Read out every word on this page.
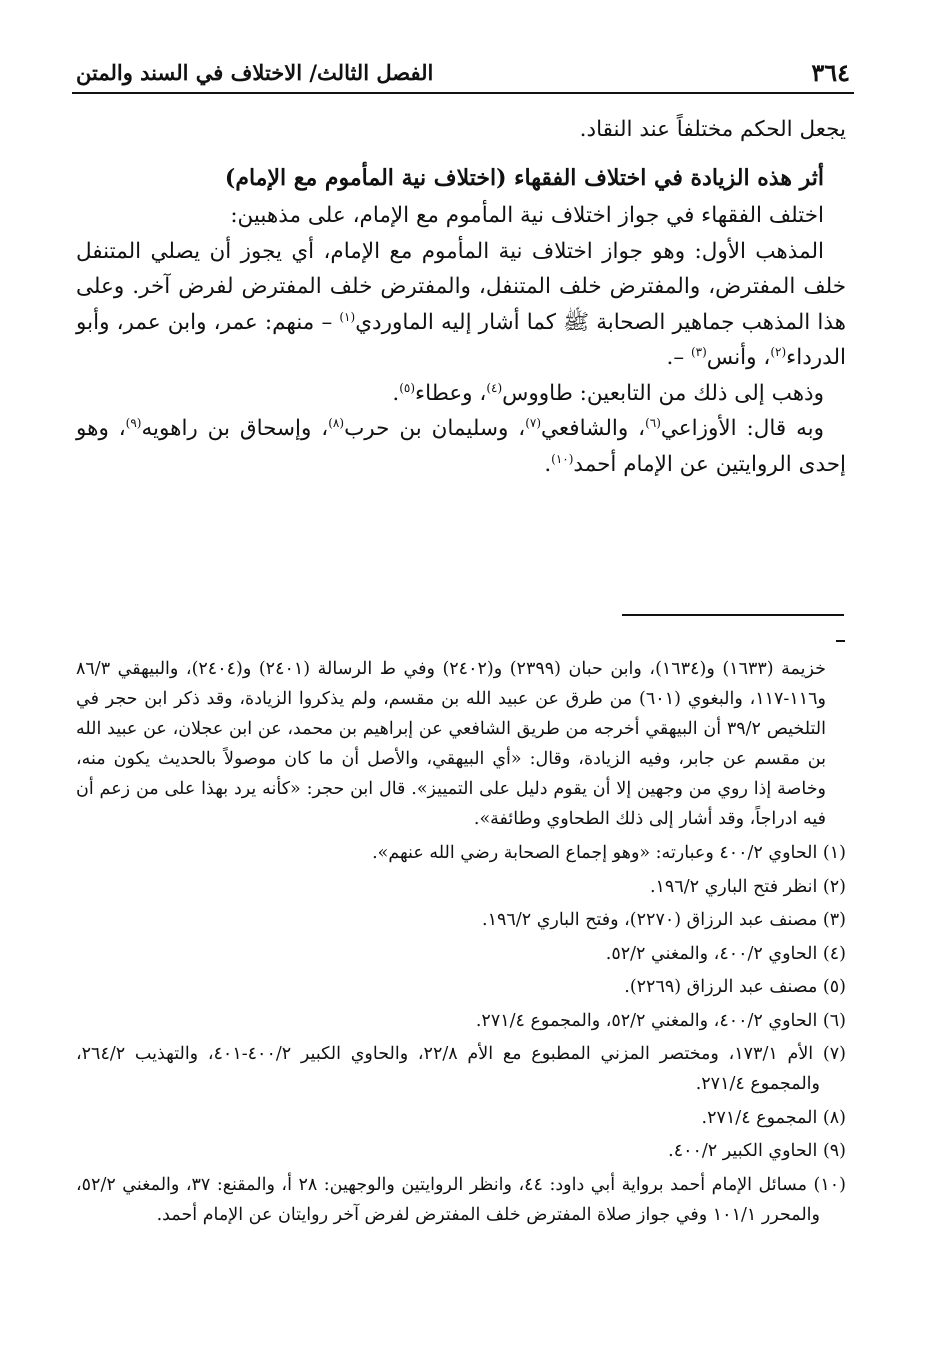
٣٦٤
الفصل الثالث/ الاختلاف في السند والمتن

يجعل الحكم مختلفاً عند النقاد.

أثر هذه الزيادة في اختلاف الفقهاء (اختلاف نية المأموم مع الإمام)

اختلف الفقهاء في جواز اختلاف نية المأموم مع الإمام، على مذهبين:

المذهب الأول: وهو جواز اختلاف نية المأموم مع الإمام، أي يجوز أن يصلي المتنفل خلف المفترض، والمفترض خلف المتنفل، والمفترض خلف المفترض لفرض آخر. وعلى هذا المذهب جماهير الصحابة ﷺ كما أشار إليه الماوردي$^{(١)}$ – منهم: عمر، وابن عمر، وأبو الدرداء$^{(٢)}$، وأنس$^{(٣)}$ –.

وذهب إلى ذلك من التابعين: طاووس$^{(٤)}$، وعطاء$^{(٥)}$.

وبه قال: الأوزاعي$^{(٦)}$، والشافعي$^{(٧)}$، وسليمان بن حرب$^{(٨)}$، وإسحاق بن راهويه$^{(٩)}$، وهو إحدى الروايتين عن الإمام أحمد$^{(١٠)}$.

خزيمة (١٦٣٣) و(١٦٣٤)، وابن حبان (٢٣٩٩) و(٢٤٠٢) وفي ط الرسالة (٢٤٠١) و(٢٤٠٤)، والبيهقي ٨٦/٣ و١١٦-١١٧، والبغوي (٦٠١) من طرق عن عبيد الله بن مقسم، ولم يذكروا الزيادة، وقد ذكر ابن حجر في التلخيص ٣٩/٢ أن البيهقي أخرجه من طريق الشافعي عن إبراهيم بن محمد، عن ابن عجلان، عن عبيد الله بن مقسم عن جابر، وفيه الزيادة، وقال: «أي البيهقي، والأصل أن ما كان موصولاً بالحديث يكون منه، وخاصة إذا روي من وجهين إلا أن يقوم دليل على التمييز». قال ابن حجر: «كأنه يرد بهذا على من زعم أن فيه ادراجاً، وقد أشار إلى ذلك الطحاوي وطائفة».

(١) الحاوي ٤٠٠/٢ وعبارته: «وهو إجماع الصحابة رضي الله عنهم».

(٢) انظر فتح الباري ١٩٦/٢.

(٣) مصنف عبد الرزاق (٢٢٧٠)، وفتح الباري ١٩٦/٢.

(٤) الحاوي ٤٠٠/٢، والمغني ٥٢/٢.

(٥) مصنف عبد الرزاق (٢٢٦٩).

(٦) الحاوي ٤٠٠/٢، والمغني ٥٢/٢، والمجموع ٢٧١/٤.

(٧) الأم ١٧٣/١، ومختصر المزني المطبوع مع الأم ٢٢/٨، والحاوي الكبير ٤٠٠/٢-٤٠١، والتهذيب ٢٦٤/٢، والمجموع ٢٧١/٤.

(٨) المجموع ٢٧١/٤.

(٩) الحاوي الكبير ٤٠٠/٢.

(١٠) مسائل الإمام أحمد برواية أبي داود: ٤٤، وانظر الروايتين والوجهين: ٢٨ أ، والمقنع: ٣٧، والمغني ٥٢/٢، والمحرر ١٠١/١ وفي جواز صلاة المفترض خلف المفترض لفرض آخر روايتان عن الإمام أحمد.
